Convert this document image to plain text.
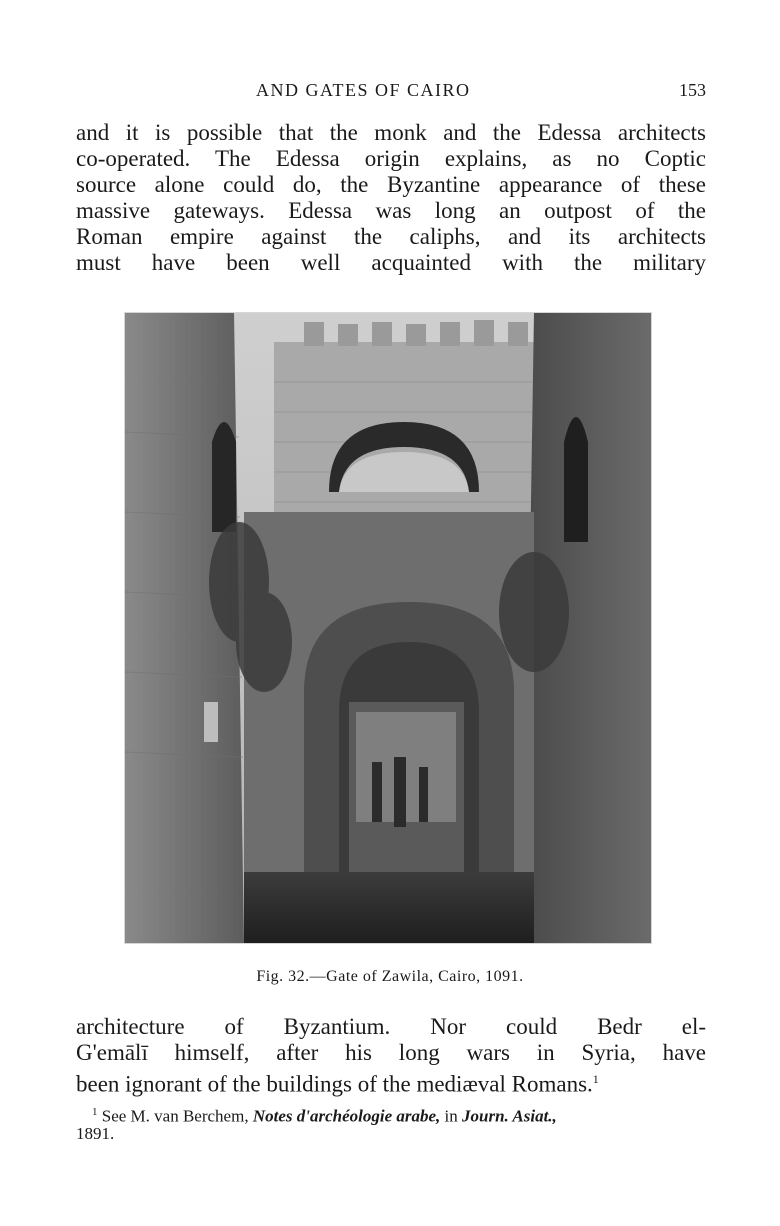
AND GATES OF CAIRO	153
and it is possible that the monk and the Edessa architects
co-operated. The Edessa origin explains, as no Coptic
source alone could do, the Byzantine appearance of these
massive gateways. Edessa was long an outpost of the
Roman empire against the caliphs, and its architects
must have been well acquainted with the military
Fig. 32.—Gate of Zawila, Cairo, 1091.
architecture of Byzantium. Nor could Bedr el-
G'emālī himself, after his long wars in Syria, have
been ignorant of the buildings of the mediæval Romans.$^1$
$^1$ See M. van Berchem, Notes d'archéologie arabe, in Journ. Asiat.,
1891.
